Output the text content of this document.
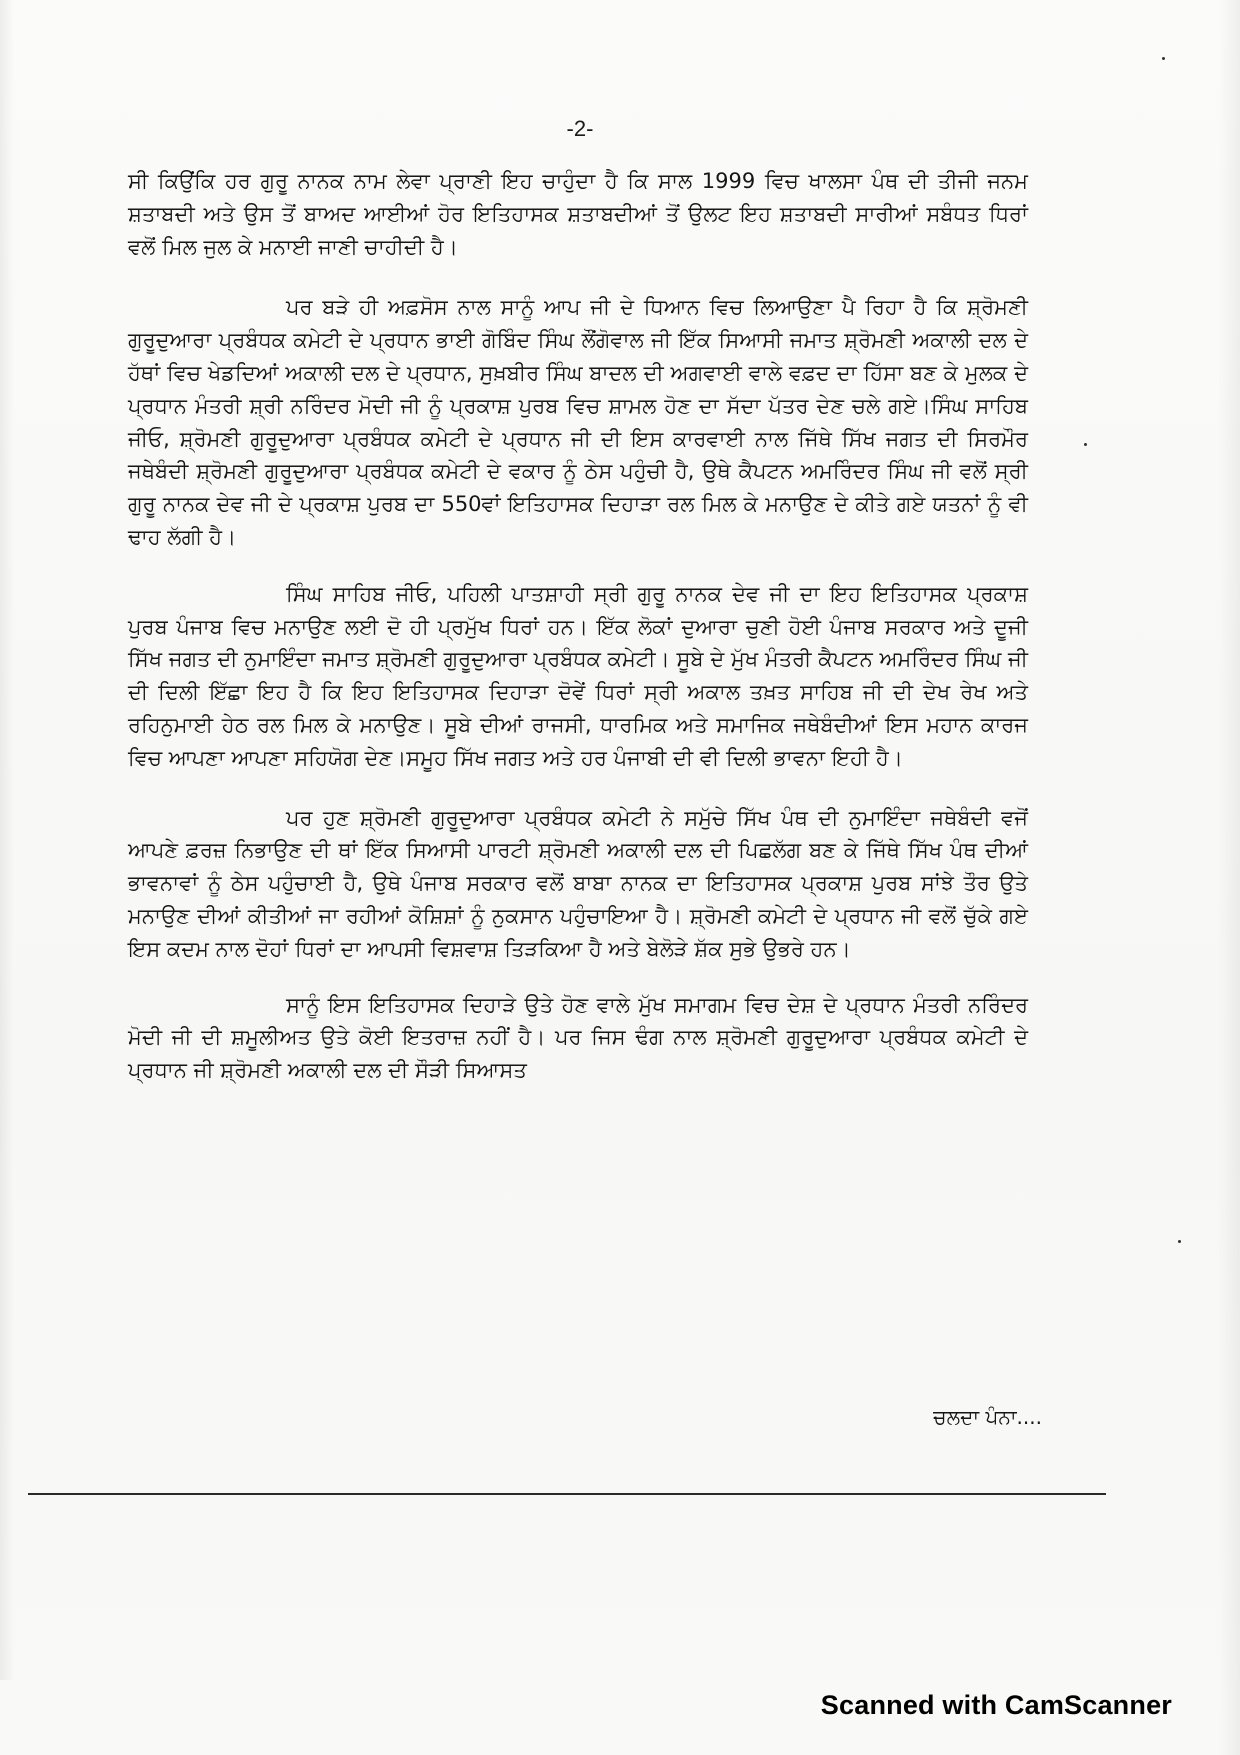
-2-

ਸੀ ਕਿਉਂਕਿ ਹਰ ਗੁਰੂ ਨਾਨਕ ਨਾਮ ਲੇਵਾ ਪ੍ਰਾਣੀ ਇਹ ਚਾਹੁੰਦਾ ਹੈ ਕਿ ਸਾਲ 1999 ਵਿਚ ਖਾਲਸਾ ਪੰਥ ਦੀ ਤੀਜੀ ਜਨਮ ਸ਼ਤਾਬਦੀ ਅਤੇ ਉਸ ਤੋਂ ਬਾਅਦ ਆਈਆਂ ਹੋਰ ਇਤਿਹਾਸਕ ਸ਼ਤਾਬਦੀਆਂ ਤੋਂ ਉਲਟ ਇਹ ਸ਼ਤਾਬਦੀ ਸਾਰੀਆਂ ਸਬੰਧਤ ਧਿਰਾਂ ਵਲੋਂ ਮਿਲ ਜੁਲ ਕੇ ਮਨਾਈ ਜਾਣੀ ਚਾਹੀਦੀ ਹੈ।

ਪਰ ਬੜੇ ਹੀ ਅਫ਼ਸੋਸ ਨਾਲ ਸਾਨੂੰ ਆਪ ਜੀ ਦੇ ਧਿਆਨ ਵਿਚ ਲਿਆਉਣਾ ਪੈ ਰਿਹਾ ਹੈ ਕਿ ਸ਼੍ਰੋਮਣੀ ਗੁਰੂਦੁਆਰਾ ਪ੍ਰਬੰਧਕ ਕਮੇਟੀ ਦੇ ਪ੍ਰਧਾਨ ਭਾਈ ਗੋਬਿੰਦ ਸਿੰਘ ਲੌਂਗੋਵਾਲ ਜੀ ਇੱਕ ਸਿਆਸੀ ਜਮਾਤ ਸ਼੍ਰੋਮਣੀ ਅਕਾਲੀ ਦਲ ਦੇ ਹੱਥਾਂ ਵਿਚ ਖੇਡਦਿਆਂ ਅਕਾਲੀ ਦਲ ਦੇ ਪ੍ਰਧਾਨ, ਸੁਖ਼ਬੀਰ ਸਿੰਘ ਬਾਦਲ ਦੀ ਅਗਵਾਈ ਵਾਲੇ ਵਫ਼ਦ ਦਾ ਹਿੱਸਾ ਬਣ ਕੇ ਮੁਲਕ ਦੇ ਪ੍ਰਧਾਨ ਮੰਤਰੀ ਸ਼੍ਰੀ ਨਰਿੰਦਰ ਮੋਦੀ ਜੀ ਨੂੰ ਪ੍ਰਕਾਸ਼ ਪੁਰਬ ਵਿਚ ਸ਼ਾਮਲ ਹੋਣ ਦਾ ਸੱਦਾ ਪੱਤਰ ਦੇਣ ਚਲੇ ਗਏ।ਸਿੰਘ ਸਾਹਿਬ ਜੀਓ, ਸ਼੍ਰੋਮਣੀ ਗੁਰੂਦੁਆਰਾ ਪ੍ਰਬੰਧਕ ਕਮੇਟੀ ਦੇ ਪ੍ਰਧਾਨ ਜੀ ਦੀ ਇਸ ਕਾਰਵਾਈ ਨਾਲ ਜਿੱਥੇ ਸਿੱਖ ਜਗਤ ਦੀ ਸਿਰਮੌਰ ਜਥੇਬੰਦੀ ਸ਼੍ਰੋਮਣੀ ਗੁਰੂਦੁਆਰਾ ਪ੍ਰਬੰਧਕ ਕਮੇਟੀ ਦੇ ਵਕਾਰ ਨੂੰ ਠੇਸ ਪਹੁੰਚੀ ਹੈ, ਉਥੇ ਕੈਪਟਨ ਅਮਰਿੰਦਰ ਸਿੰਘ ਜੀ ਵਲੋਂ ਸ੍ਰੀ ਗੁਰੂ ਨਾਨਕ ਦੇਵ ਜੀ ਦੇ ਪ੍ਰਕਾਸ਼ ਪੁਰਬ ਦਾ 550ਵਾਂ ਇਤਿਹਾਸਕ ਦਿਹਾੜਾ ਰਲ ਮਿਲ ਕੇ ਮਨਾਉਣ ਦੇ ਕੀਤੇ ਗਏ ਯਤਨਾਂ ਨੂੰ ਵੀ ਢਾਹ ਲੱਗੀ ਹੈ।

ਸਿੰਘ ਸਾਹਿਬ ਜੀਓ, ਪਹਿਲੀ ਪਾਤਸ਼ਾਹੀ ਸ੍ਰੀ ਗੁਰੂ ਨਾਨਕ ਦੇਵ ਜੀ ਦਾ ਇਹ ਇਤਿਹਾਸਕ ਪ੍ਰਕਾਸ਼ ਪੁਰਬ ਪੰਜਾਬ ਵਿਚ ਮਨਾਉਣ ਲਈ ਦੋ ਹੀ ਪ੍ਰਮੁੱਖ ਧਿਰਾਂ ਹਨ। ਇੱਕ ਲੋਕਾਂ ਦੁਆਰਾ ਚੁਣੀ ਹੋਈ ਪੰਜਾਬ ਸਰਕਾਰ ਅਤੇ ਦੂਜੀ ਸਿੱਖ ਜਗਤ ਦੀ ਨੁਮਾਇੰਦਾ ਜਮਾਤ ਸ਼੍ਰੋਮਣੀ ਗੁਰੂਦੁਆਰਾ ਪ੍ਰਬੰਧਕ ਕਮੇਟੀ। ਸੂਬੇ ਦੇ ਮੁੱਖ ਮੰਤਰੀ ਕੈਪਟਨ ਅਮਰਿੰਦਰ ਸਿੰਘ ਜੀ ਦੀ ਦਿਲੀ ਇੱਛਾ ਇਹ ਹੈ ਕਿ ਇਹ ਇਤਿਹਾਸਕ ਦਿਹਾੜਾ ਦੋਵੇਂ ਧਿਰਾਂ ਸ੍ਰੀ ਅਕਾਲ ਤਖ਼ਤ ਸਾਹਿਬ ਜੀ ਦੀ ਦੇਖ ਰੇਖ ਅਤੇ ਰਹਿਨੁਮਾਈ ਹੇਠ ਰਲ ਮਿਲ ਕੇ ਮਨਾਉਣ। ਸੂਬੇ ਦੀਆਂ ਰਾਜਸੀ, ਧਾਰਮਿਕ ਅਤੇ ਸਮਾਜਿਕ ਜਥੇਬੰਦੀਆਂ ਇਸ ਮਹਾਨ ਕਾਰਜ ਵਿਚ ਆਪਣਾ ਆਪਣਾ ਸਹਿਯੋਗ ਦੇਣ।ਸਮੂਹ ਸਿੱਖ ਜਗਤ ਅਤੇ ਹਰ ਪੰਜਾਬੀ ਦੀ ਵੀ ਦਿਲੀ ਭਾਵਨਾ ਇਹੀ ਹੈ।

ਪਰ ਹੁਣ ਸ਼੍ਰੋਮਣੀ ਗੁਰੂਦੁਆਰਾ ਪ੍ਰਬੰਧਕ ਕਮੇਟੀ ਨੇ ਸਮੁੱਚੇ ਸਿੱਖ ਪੰਥ ਦੀ ਨੁਮਾਇੰਦਾ ਜਥੇਬੰਦੀ ਵਜੋਂ ਆਪਣੇ ਫ਼ਰਜ਼ ਨਿਭਾਉਣ ਦੀ ਥਾਂ ਇੱਕ ਸਿਆਸੀ ਪਾਰਟੀ ਸ਼੍ਰੋਮਣੀ ਅਕਾਲੀ ਦਲ ਦੀ ਪਿਛਲੱਗ ਬਣ ਕੇ ਜਿੱਥੇ ਸਿੱਖ ਪੰਥ ਦੀਆਂ ਭਾਵਨਾਵਾਂ ਨੂੰ ਠੇਸ ਪਹੁੰਚਾਈ ਹੈ, ਉਥੇ ਪੰਜਾਬ ਸਰਕਾਰ ਵਲੋਂ ਬਾਬਾ ਨਾਨਕ ਦਾ ਇਤਿਹਾਸਕ ਪ੍ਰਕਾਸ਼ ਪੁਰਬ ਸਾਂਝੇ ਤੌਰ ਉਤੇ ਮਨਾਉਣ ਦੀਆਂ ਕੀਤੀਆਂ ਜਾ ਰਹੀਆਂ ਕੋਸ਼ਿਸ਼ਾਂ ਨੂੰ ਨੁਕਸਾਨ ਪਹੁੰਚਾਇਆ ਹੈ। ਸ਼੍ਰੋਮਣੀ ਕਮੇਟੀ ਦੇ ਪ੍ਰਧਾਨ ਜੀ ਵਲੋਂ ਚੁੱਕੇ ਗਏ ਇਸ ਕਦਮ ਨਾਲ ਦੋਹਾਂ ਧਿਰਾਂ ਦਾ ਆਪਸੀ ਵਿਸ਼ਵਾਸ਼ ਤਿੜਕਿਆ ਹੈ ਅਤੇ ਬੇਲੋੜੇ ਸ਼ੱਕ ਸੁਭੇ ਉਭਰੇ ਹਨ।

ਸਾਨੂੰ ਇਸ ਇਤਿਹਾਸਕ ਦਿਹਾੜੇ ਉਤੇ ਹੋਣ ਵਾਲੇ ਮੁੱਖ ਸਮਾਗਮ ਵਿਚ ਦੇਸ਼ ਦੇ ਪ੍ਰਧਾਨ ਮੰਤਰੀ ਨਰਿੰਦਰ ਮੋਦੀ ਜੀ ਦੀ ਸ਼ਮੂਲੀਅਤ ਉਤੇ ਕੋਈ ਇਤਰਾਜ਼ ਨਹੀਂ ਹੈ। ਪਰ ਜਿਸ ਢੰਗ ਨਾਲ ਸ਼੍ਰੋਮਣੀ ਗੁਰੂਦੁਆਰਾ ਪ੍ਰਬੰਧਕ ਕਮੇਟੀ ਦੇ ਪ੍ਰਧਾਨ ਜੀ ਸ਼੍ਰੋਮਣੀ ਅਕਾਲੀ ਦਲ ਦੀ ਸੌੜੀ ਸਿਆਸਤ

ਚਲਦਾ ਪੰਨਾ....
Scanned with CamScanner
